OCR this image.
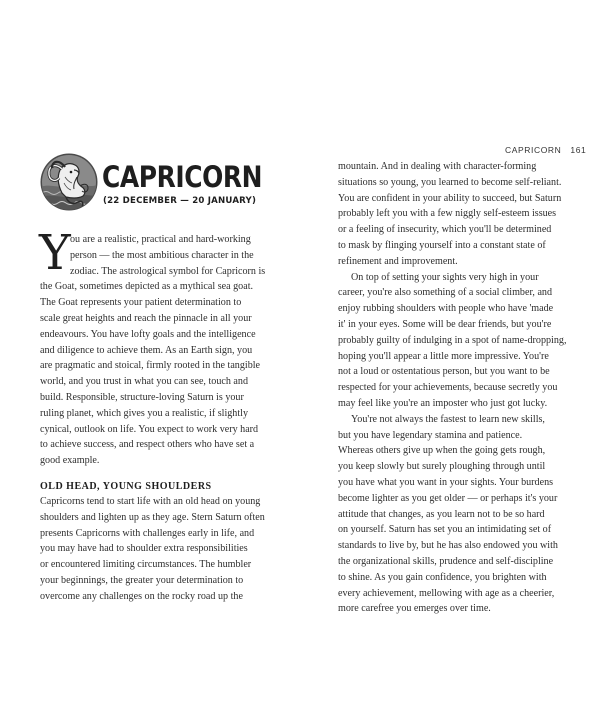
CAPRICORN 161
CAPRICORN
(22 DECEMBER — 20 JANUARY)
Y ou are a realistic, practical and hard-working
person — the most ambitious character in the
zodiac. The astrological symbol for Capricorn is
the Goat, sometimes depicted as a mythical sea goat.
The Goat represents your patient determination to
scale great heights and reach the pinnacle in all your
endeavours. You have lofty goals and the intelligence
and diligence to achieve them. As an Earth sign, you
are pragmatic and stoical, firmly rooted in the tangible
world, and you trust in what you can see, touch and
build. Responsible, structure-loving Saturn is your
ruling planet, which gives you a realistic, if slightly
cynical, outlook on life. You expect to work very hard
to achieve success, and respect others who have set a
good example.
OLD HEAD, YOUNG SHOULDERS
Capricorns tend to start life with an old head on young
shoulders and lighten up as they age. Stern Saturn often
presents Capricorns with challenges early in life, and
you may have had to shoulder extra responsibilities
or encountered limiting circumstances. The humbler
your beginnings, the greater your determination to
overcome any challenges on the rocky road up the
mountain. And in dealing with character-forming
situations so young, you learned to become self-reliant.
You are confident in your ability to succeed, but Saturn
probably left you with a few niggly self-esteem issues
or a feeling of insecurity, which you'll be determined
to mask by flinging yourself into a constant state of
refinement and improvement.
On top of setting your sights very high in your
career, you're also something of a social climber, and
enjoy rubbing shoulders with people who have 'made
it' in your eyes. Some will be dear friends, but you're
probably guilty of indulging in a spot of name-dropping,
hoping you'll appear a little more impressive. You're
not a loud or ostentatious person, but you want to be
respected for your achievements, because secretly you
may feel like you're an imposter who just got lucky.
You're not always the fastest to learn new skills,
but you have legendary stamina and patience.
Whereas others give up when the going gets rough,
you keep slowly but surely ploughing through until
you have what you want in your sights. Your burdens
become lighter as you get older — or perhaps it's your
attitude that changes, as you learn not to be so hard
on yourself. Saturn has set you an intimidating set of
standards to live by, but he has also endowed you with
the organizational skills, prudence and self-discipline
to shine. As you gain confidence, you brighten with
every achievement, mellowing with age as a cheerier,
more carefree you emerges over time.
